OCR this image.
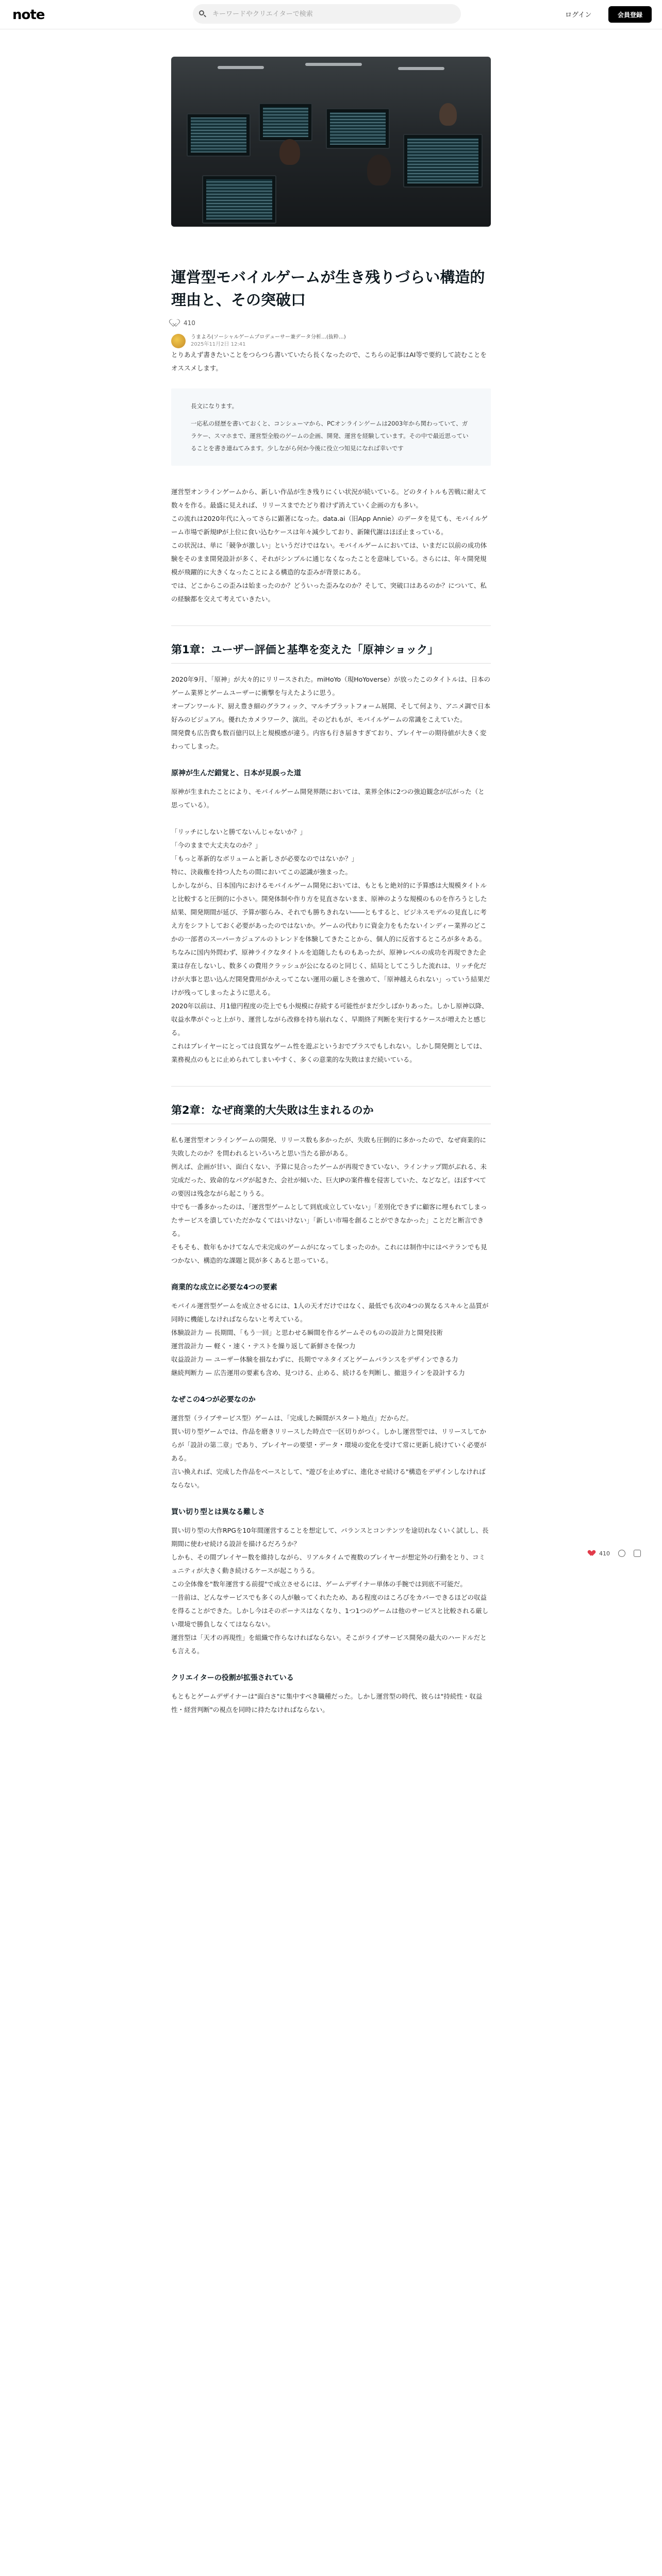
note
キーワードやクリエイターで検索	ログイン	会員登録
運営型モバイルゲームが生き残りづらい構造的理由と、その突破口
410
うまよろ(ソーシャルゲームプロデューサー兼データ分析…(抜粋…)
2025年11月2日 12:41

とりあえず書きたいことをつらつら書いていたら長くなったので、こちらの記事はAI等で要約して読むことをオススメします。

長文になります。
一応私の経歴を書いておくと、コンシューマから、PCオンラインゲームは2003年から関わっていて、ガラケー、スマホまで、運営型全般のゲームの企画、開発、運営を経験しています。その中で最近思っていることを書き連ねてみます。少しながら何か今後に役立つ知見になれば幸いです

運営型オンラインゲームから、新しい作品が生き残りにくい状況が続いている。どのタイトルも苦戦に耐えて数々を作る。最盛に見えれば、リリースまでたどり着けず消えていく企画の方も多い。

この流れは2020年代に入ってさらに顕著になった。data.ai（旧App Annie）のデータを見ても、モバイルゲーム市場で新規IPが上位に食い込むケースは年々減少しており、新陳代謝はほぼ止まっている。

この状況は、単に「競争が激しい」というだけではない。モバイルゲームにおいては、いまだに以前の成功体験をそのまま開発設計が多く、それがシンプルに通じなくなったことを意味している。さらには、年々開発規模が飛躍的に大きくなったことによる構造的な歪みが背景にある。

では、どこからこの歪みは始まったのか？どういった歪みなのか？そして、突破口はあるのか？について、私の経験都を交えて考えていきたい。

第1章：ユーザー評価と基準を変えた「原神ショック」

2020年9月、「原神」が大々的にリリースされた。miHoYo（現HoYoverse）が放ったこのタイトルは、日本のゲーム業界とゲームユーザーに衝撃を与えたように思う。

オープンワールド、厨え豊き細のグラフィック、マルチプラットフォーム展開、そして何より、アニメ調で日本好みのビジュアル。優れたカメラワーク、演出。そのどれもが、モバイルゲームの常識をこえていた。

開発費も広告費も数百億円以上と規模感が違う。内容も行き届きすぎており、プレイヤーの期待値が大きく変わってしまった。

原神が生んだ錯覚と、日本が見誤った道

原神が生まれたことにより、モバイルゲーム開発界隈においては、業界全体に2つの強迫観念が広がった（と思っている）。

「リッチにしないと勝てないんじゃないか？」

「今のままで大丈夫なのか？」

「もっと革新的なボリュームと新しさが必要なのではないか？」

特に、決裁権を持つ人たちの間においてこの認識が強まった。

しかしながら、日本国内におけるモバイルゲーム開発においては、もともと絶対的に予算感は大規模タイトルと比較すると圧倒的に小さい。開発体制や作り方を見直さないまま、原神のような規模のものを作ろうとした結果、開発期間が延び、予算が膨らみ、それでも勝ちきれない――ともすると、ビジネスモデルの見直しに考え方をシフトしておく必要があったのではないか。ゲームの代わりに資金力をもたないインディー業界のどこかの一部者のスーパーカジュアルのトレンドを体験してきたことから、個人的に反省するところが多々ある。

ちなみに国内外問わず、原神ライクなタイトルを追随したものもあったが、原神レベルの成功を再現できた企業は存在しないし、数多くの費用クラッシュが公になるのと同じく、結局としてこうした流れは、リッチ化だけが大事と思い込んだ開発費用がかえってこない運用の厳しさを強めて、「原神越えられない」っていう結果だけが残ってしまったように思える。

2020年以前は、月1億円程度の売上でも小規模に存続する可能性がまだ少しばかりあった。しかし原神以降、収益水準がぐっと上がり、運営しながら改修を持ち崩れなく、早期終了判断を実行するケースが増えたと感じる。

これはプレイヤーにとっては良質なゲーム性を遊ぶというおでプラスでもしれない。しかし開発側としては、業務視点のもとに止められてしまいやすく、多くの意業的な失敗はまだ続いている。

第2章：なぜ商業的大失敗は生まれるのか

私も運営型オンラインゲームの開発、リリース数も多かったが、失敗も圧倒的に多かったので、なぜ商業的に失敗したのか？を問われるといろいろと思い当たる節がある。

例えば、企画が甘い、面白くない、予算に見合ったゲームが再現できていない、ラインナップ間がぶれる、未完成だった、致命的なバグが起きた、会社が傾いた、巨大IPの案件権を侵害していた、などなど。ほぼすべての要因は残念ながら起こりうる。

中でも一番多かったのは、「運営型ゲームとして到底成立していない」「差別化できずに顧客に埋もれてしまったサービスを潰していただかなくてはいけない」「新しい市場を創ることができなかった」ことだと断言できる。

そもそも、数年もかけてなんで未完成のゲームがになってしまったのか。これには制作中にはベテランでも見つかない、構造的な課題と罠が多くあると思っている。

商業的な成立に必要な4つの要素

モバイル運営型ゲームを成立させるには、1人の天才だけではなく、最低でも次の4つの異なるスキルと品質が同時に機能しなければならないと考えている。

体験設計力 — 長期間、「もう一回」と思わせる瞬間を作るゲームそのものの設計力と開発技術

運営設計力 — 軽く・速く・テストを繰り返して新鮮さを保つ力

収益設計力 — ユーザー体験を損なわずに、長期でマネタイズとゲームバランスをデザインできる力

継続判断力 — 広告運用の要素も含め、見つける、止める、続けるを判断し、撤退ラインを設計する力

なぜこの4つが必要なのか

運営型（ライブサービス型）ゲームは、「完成した瞬間がスタート地点」だからだ。

買い切り型ゲームでは、作品を磨きリリースした時点で一区切りがつく。しかし運営型では、リリースしてからが「設計の第二章」であり、プレイヤーの要望・データ・環境の変化を受けて常に更新し続けていく必要がある。

言い換えれば、完成した作品をベースとして、"遊びを止めずに、進化させ続ける"構造をデザインしなければならない。

買い切り型とは異なる難しさ

買い切り型の大作RPGを10年間運営することを想定して、バランスとコンテンツを途切れなくいく試しし、長期間に使わせ続ける設計を描けるだろうか？

しかも、その間プレイヤー数を維持しながら、リアルタイムで複数のプレイヤーが想定外の行動をとり、コミュニティが大きく動き続けるケースが起こりうる。

この全体像を"数年運営する前提"で成立させるには、ゲームデザイナー単体の手腕では到底不可能だ。

一昔前は、どんなサービスでも多くの人が触ってくれたため、ある程度のはころびをカバーできるほどの収益を得ることができた。しかし今はそのボーナスはなくなり、1つ1つのゲームは他のサービスと比較される厳しい環境で勝負しなくてはならない。

運営型は「天才の再現性」を組織で作らなければならない。そこがライブサービス開発の最大のハードルだとも言える。

クリエイターの役割が拡張されている

もともとゲームデザイナーは"面白さ"に集中すべき職種だった。しかし運営型の時代、彼らは"持続性・収益性・経営判断"の視点を同時に持たなければならない。

410
